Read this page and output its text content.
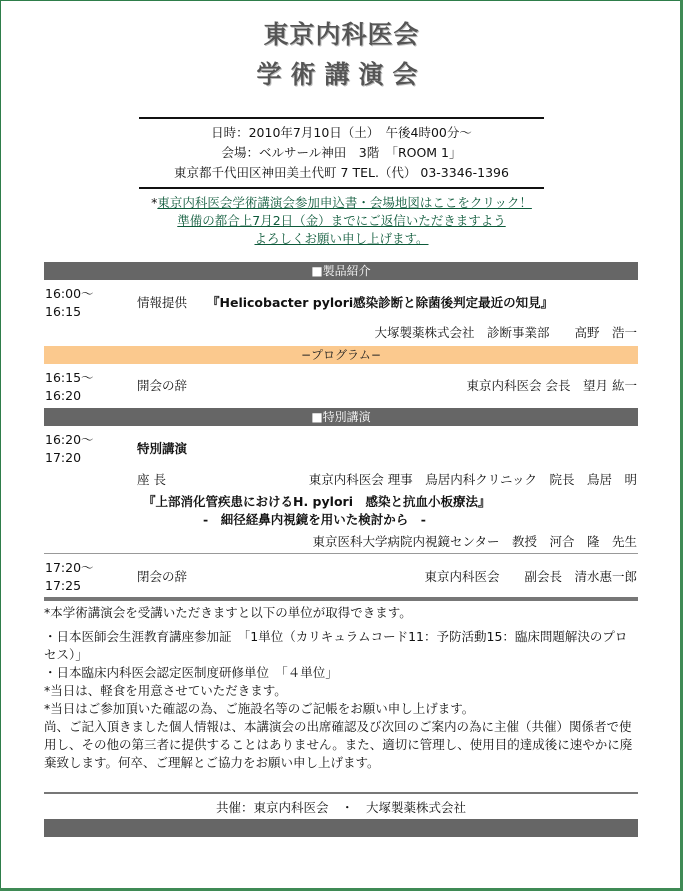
東京内科医会
学術講演会
日時：2010年7月10日（土）　午後4時00分〜
会場：ベルサール神田　3階　「ROOM 1」
東京都千代田区神田美土代町 7 TEL.（代） 03-3346-1396
*東京内科医会学術講演会参加申込書・会場地図はここをクリック！
準備の都合上7月2日（金）までにご返信いただきますよう
よろしくお願い申し上げます。
■製品紹介
16:00〜
16:15
情報提供 『Helicobacter pylori感染診断と除菌後判定最近の知見』
大塚製薬株式会社　診断事業部　　高野　浩一
−プログラム−
16:15〜
16:20
開会の辞	東京内科医会 会長　望月 紘一
■特別講演
16:20〜
17:20
特別講演
座 長	東京内科医会 理事　鳥居内科クリニック　院長　鳥居　明
『上部消化管疾患におけるH. pylori　感染と抗血小板療法』
-　細径経鼻内視鏡を用いた検討から　-
東京医科大学病院内視鏡センター　教授　河合　隆　先生
17:20〜
17:25
閉会の辞	東京内科医会　　副会長　清水惠一郎

*本学術講演会を受講いただきますと以下の単位が取得できます。

・日本医師会生涯教育講座参加証　「1単位（カリキュラムコード11：予防活動15：臨床問題解決のプロセス）」

・日本臨床内科医会認定医制度研修単位　「４単位」

*当日は、軽食を用意させていただきます。

*当日はご参加頂いた確認の為、ご施設名等のご記帳をお願い申し上げます。

尚、ご記入頂きました個人情報は、本講演会の出席確認及び次回のご案内の為に主催（共催）関係者で使用し、その他の第三者に提供することはありません。また、適切に管理し、使用目的達成後に速やかに廃棄致します。何卒、ご理解とご協力をお願い申し上げます。

共催：東京内科医会　・　大塚製薬株式会社
